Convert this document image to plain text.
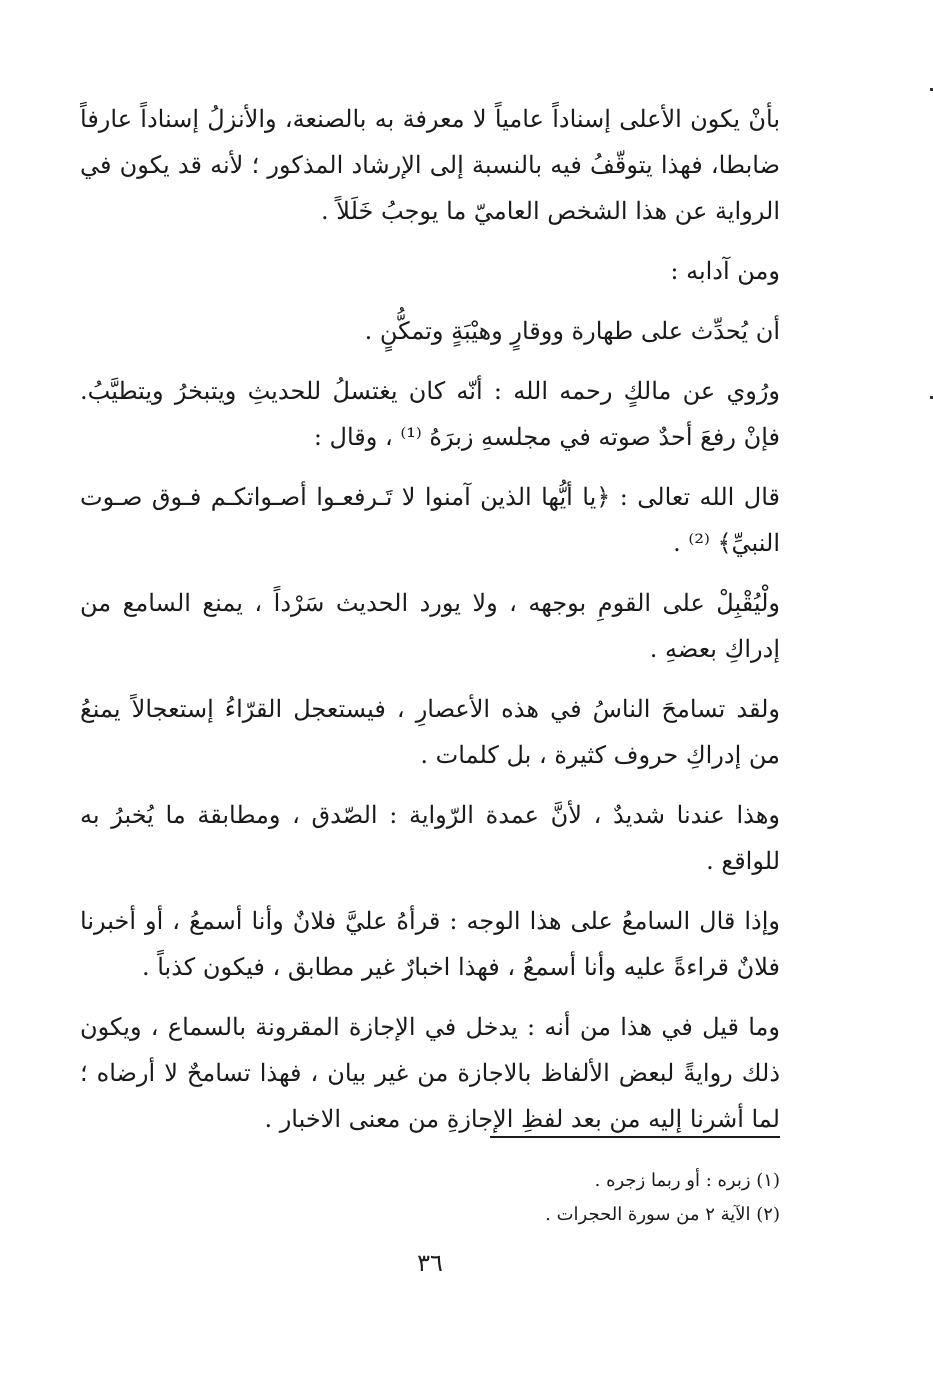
بأنْ يكون الأعلى إسناداً عامياً لا معرفة به بالصنعة، والأنزلُ إسناداً عارفاً ضابطا، فهذا يتوقّفُ فيه بالنسبة إلى الإرشاد المذكور ؛ لأنه قد يكون في الرواية عن هذا الشخص العاميّ ما يوجبُ خَلَلاً .

ومن آدابه :

أن يُحدِّث على طهارة ووقارٍ وهيْبَةٍ وتمكُّنٍ .

ورُوي عن مالكٍ رحمه الله : أنّه كان يغتسلُ للحديثِ ويتبخرُ ويتطيَّبُ. فإنْ رفعَ أحدٌ صوته في مجلسهِ زبرَهُ ⁽¹⁾ ، وقال :

قال الله تعالى : ﴿يا أيُّها الذين آمنوا لا تَـرفعـوا أصـواتكـم فـوق صـوت النبيِّ﴾ ⁽²⁾ .

ولْيُقْبِلْ على القومِ بوجهه ، ولا يورد الحديث سَرْداً ، يمنع السامع من إدراكِ بعضهِ .

ولقد تسامحَ الناسُ في هذه الأعصارِ ، فيستعجل القرّاءُ إستعجالاً يمنعُ من إدراكِ حروف كثيرة ، بل كلمات .

وهذا عندنا شديدٌ ، لأنَّ عمدة الرّواية : الصّدق ، ومطابقة ما يُخبرُ به للواقع .

وإذا قال السامعُ على هذا الوجه : قرأهُ عليَّ فلانٌ وأنا أسمعُ ، أو أخبرنا فلانٌ قراءةً عليه وأنا أسمعُ ، فهذا اخبارٌ غير مطابق ، فيكون كذباً .

وما قيل في هذا من أنه : يدخل في الإجازة المقرونة بالسماع ، ويكون ذلك روايةً لبعض الألفاظ بالاجازة من غير بيان ، فهذا تسامحٌ لا أرضاه ؛ لما أشرنا إليه من بعد لفظِ الإجازةِ من معنى الاخبار .

(١) زبره : أو ربما زجره .

(٢) الآية ٢ من سورة الحجرات .

٣٦
